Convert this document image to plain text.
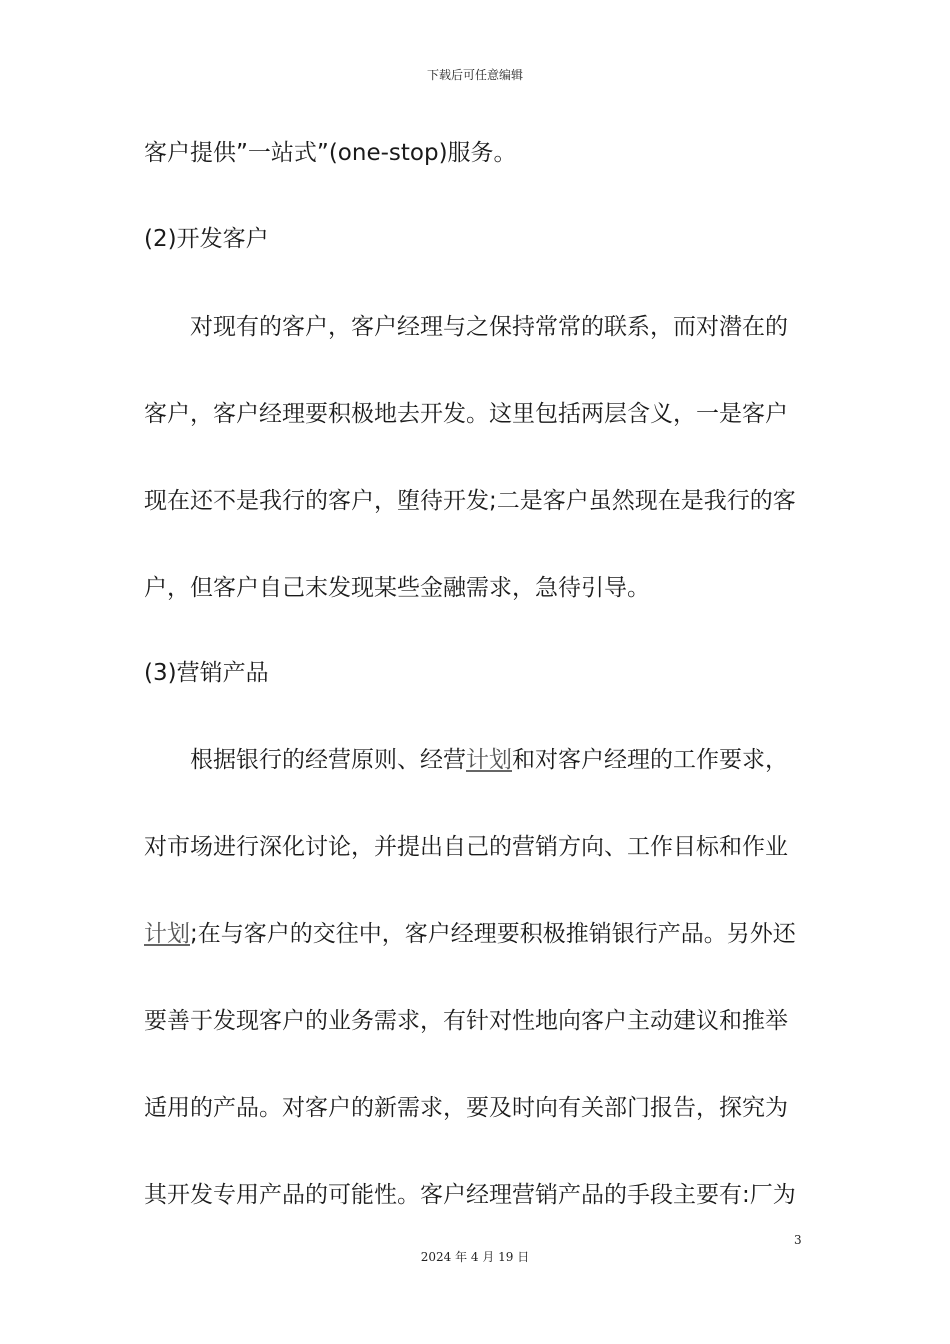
下载后可任意编辑
客户提供”一站式”(one-stop)服务。
(2)开发客户
对现有的客户，客户经理与之保持常常的联系，而对潜在的
客户，客户经理要积极地去开发。这里包括两层含义，一是客户
现在还不是我行的客户，堕待开发;二是客户虽然现在是我行的客
户，但客户自己末发现某些金融需求，急待引导。
(3)营销产品
根据银行的经营原则、经营计划和对客户经理的工作要求，
对市场进行深化讨论，并提出自己的营销方向、工作目标和作业
计划;在与客户的交往中，客户经理要积极推销银行产品。另外还
要善于发现客户的业务需求，有针对性地向客户主动建议和推举
适用的产品。对客户的新需求，要及时向有关部门报告，探究为
其开发专用产品的可能性。客户经理营销产品的手段主要有:厂为
3
2024 年 4 月 19 日
